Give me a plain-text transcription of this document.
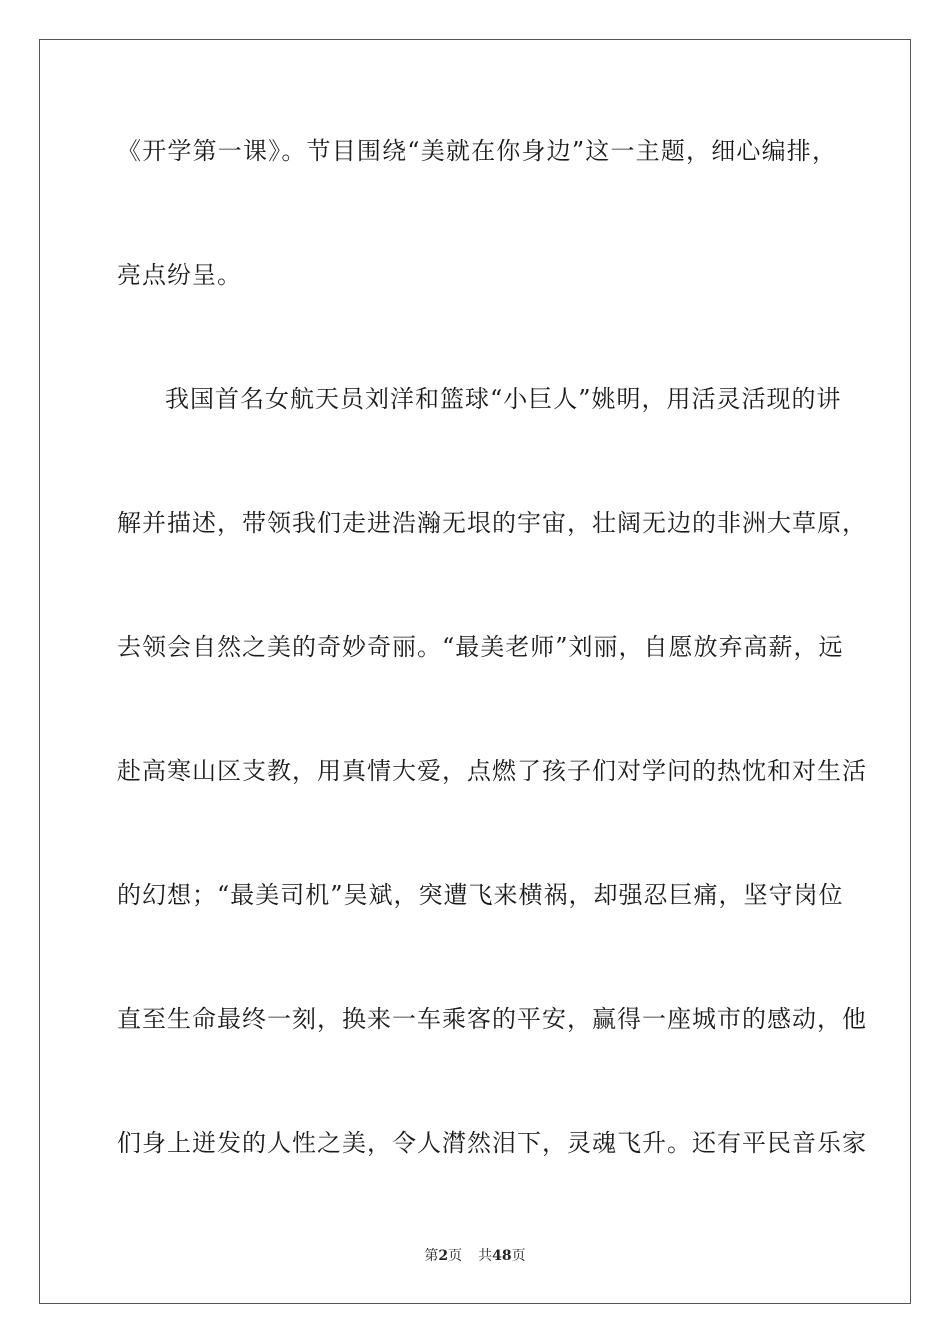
《开学第一课》。节目围绕“美就在你身边”这一主题，细心编排，
亮点纷呈。
我国首名女航天员刘洋和篮球“小巨人”姚明，用活灵活现的讲
解并描述，带领我们走进浩瀚无垠的宇宙，壮阔无边的非洲大草原，
去领会自然之美的奇妙奇丽。“最美老师”刘丽，自愿放弃高薪，远
赴高寒山区支教，用真情大爱，点燃了孩子们对学问的热忱和对生活
的幻想；“最美司机”吴斌，突遭飞来横祸，却强忍巨痛，坚守岗位
直至生命最终一刻，换来一车乘客的平安，赢得一座城市的感动，他
们身上迸发的人性之美，令人潸然泪下，灵魂飞升。还有平民音乐家
第2页 共48页
